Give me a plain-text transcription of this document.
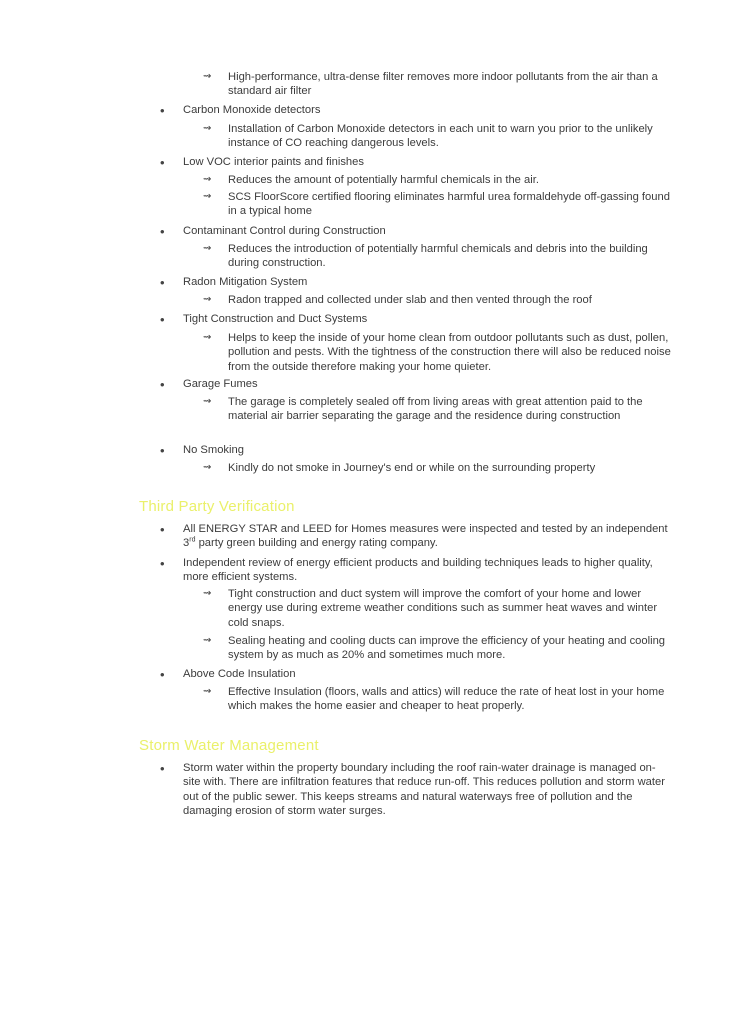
⇝ High-performance, ultra-dense filter removes more indoor pollutants from the air than a standard air filter
• Carbon Monoxide detectors
⇝ Installation of Carbon Monoxide detectors in each unit to warn you prior to the unlikely instance of CO reaching dangerous levels.
• Low VOC interior paints and finishes
⇝ Reduces the amount of potentially harmful chemicals in the air.
⇝ SCS FloorScore certified flooring eliminates harmful urea formaldehyde off-gassing found in a typical home
• Contaminant Control during Construction
⇝ Reduces the introduction of potentially harmful chemicals and debris into the building during construction.
• Radon Mitigation System
⇝ Radon trapped and collected under slab and then vented through the roof
• Tight Construction and Duct Systems
⇝ Helps to keep the inside of your home clean from outdoor pollutants such as dust, pollen, pollution and pests. With the tightness of the construction there will also be reduced noise from the outside therefore making your home quieter.
• Garage Fumes
⇝ The garage is completely sealed off from living areas with great attention paid to the material air barrier separating the garage and the residence during construction
• No Smoking
⇝ Kindly do not smoke in Journey's end or while on the surrounding property
Third Party Verification
• All ENERGY STAR and LEED for Homes measures were inspected and tested by an independent 3rd party green building and energy rating company.
• Independent review of energy efficient products and building techniques leads to higher quality, more efficient systems.
⇝ Tight construction and duct system will improve the comfort of your home and lower energy use during extreme weather conditions such as summer heat waves and winter cold snaps.
⇝ Sealing heating and cooling ducts can improve the efficiency of your heating and cooling system by as much as 20% and sometimes much more.
• Above Code Insulation
⇝ Effective Insulation (floors, walls and attics) will reduce the rate of heat lost in your home which makes the home easier and cheaper to heat properly.
Storm Water Management
• Storm water within the property boundary including the roof rain-water drainage is managed on-site with. There are infiltration features that reduce run-off. This reduces pollution and storm water out of the public sewer. This keeps streams and natural waterways free of pollution and the damaging erosion of storm water surges.
